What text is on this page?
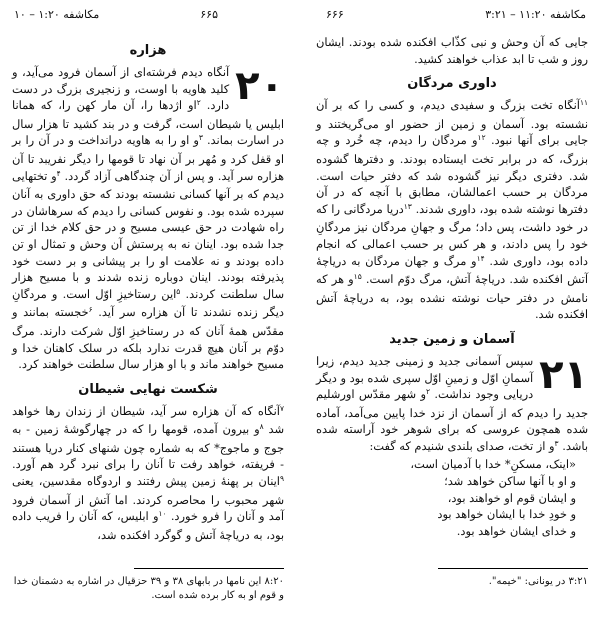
مکاشفه ۱۱:۲۰ – ۳:۲۱
۶۶۶
۶۶۵
مکاشفه ۱:۲۰ – ۱۰

جایی که آن وحش و نبی کذّاب افکنده شده بودند. ایشان روز و شب تا ابد عذاب خواهند کشید.

داوری مردگان

$^{۱۱}$آنگاه تخت بزرگ و سفیدی دیدم، و کسی را که بر آن نشسته بود. آسمان و زمین از حضور او می‌گریختند و جایی برای آنها نبود. $^{۱۲}$و مردگان را دیدم، چه خُرد و چه بزرگ، که در برابر تخت ایستاده بودند. و دفترها گشوده شد. دفتری دیگر نیز گشوده شد که دفتر حیات است. مردگان بر حسب اعمالشان، مطابق با آنچه که در آن دفترها نوشته شده بود، داوری شدند. $^{۱۳}$دریا مردگانی را که در خود داشت، پس داد؛ مرگ و جهانِ مردگان نیز مردگانِ خود را پس دادند، و هر کس بر حسب اعمالی که انجام داده بود، داوری شد. $^{۱۴}$و مرگ و جهان مردگان به دریاچهٔ آتش افکنده شد. دریاچهٔ آتش، مرگ دوّم است. $^{۱۵}$و هر که نامش در دفتر حیات نوشته نشده بود، به دریاچهٔ آتش افکنده شد.

آسمان و زمین جدید

۲۱
سپس آسمانی جدید و زمینی جدید دیدم، زیرا آسمانِ اوّل و زمینِ اوّل سپری شده بود و دیگر دریایی وجود نداشت. $^۲$و شهر مقدّس اورشلیم جدید را دیدم که از آسمان از نزد خدا پایین می‌آمد، آماده شده همچون عروسی که برای شوهر خود آراسته شده باشد. $^۳$و از تخت، صدای بلندی شنیدم که گفت:

«اینک، مسکنِ* خدا با آدمیان است،
و او با آنها ساکن خواهد شد؛
و ایشان قوم او خواهند بود،
و خودِ خدا با ایشان خواهد بود
و خدای ایشان خواهد بود.
هزاره

۲۰
آنگاه دیدم فرشته‌ای از آسمان فرود می‌آید، و کلید هاویه با اوست، و زنجیری بزرگ در دست دارد. $^۲$او اژدها را، آن مار کهن را، که همانا ابلیس یا شیطان است، گرفت و در بند کشید تا هزار سال در اسارت بماند. $^۳$و او را به هاویه درانداخت و در آن را بر او قفل کرد و مُهر بر آن نهاد تا قومها را دیگر نفریبد تا آن هزاره سر آید. و پس از آن چندگاهی آزاد گردد. $^۴$و تختهایی دیدم که بر آنها کسانی نشسته بودند که حق داوری به آنان سپرده شده بود. و نفوس کسانی را دیدم که سرهاشان در راه شهادت در حق عیسی مسیح و در حق کلام خدا از تن جدا شده بود. اینان نه به پرستش آن وحش و تمثال او تن داده بودند و نه علامت او را بر پیشانی و بر دست خود پذیرفته بودند. اینان دوباره زنده شدند و با مسیح هزار سال سلطنت کردند. $^۵$این رستاخیزِ اوّل است. و مردگانِ دیگر زنده نشدند تا آن هزاره سر آید. $^۶$خجسته بمانند و مقدّس همهٔ آنان که در رستاخیزِ اوّل شرکت دارند. مرگ دوّم بر آنان هیچ قدرت ندارد بلکه در سلک کاهنان خدا و مسیح خواهند ماند و با او هزار سال سلطنت خواهند کرد.

شکست نهایی شیطان

$^۷$آنگاه که آن هزاره سر آید، شیطان از زندان رها خواهد شد $^۸$و بیرون آمده، قومها را که در چهارگوشهٔ زمین - به جوج و ماجوج* که به شماره چون شنهای کنار دریا هستند - فریفته، خواهد رفت تا آنان را برای نبرد گرد هم آورد. $^۹$اینان بر پهنهٔ زمین پیش رفتند و اردوگاه مقدسین، یعنی شهر محبوب را محاصره کردند. اما آتش از آسمان فرود آمد و آنان را فرو خورد. $^{۱۰}$و ابلیس، که آنان را فریب داده بود، به دریاچهٔ آتش و گوگرد افکنده شد،

۳:۲۱ در یونانی: "خیمه".
۸:۲۰ این نامها در بابهای ۳۸ و ۳۹ حزقیال در اشاره به دشمنان خدا و قوم او به کار برده شده است.
